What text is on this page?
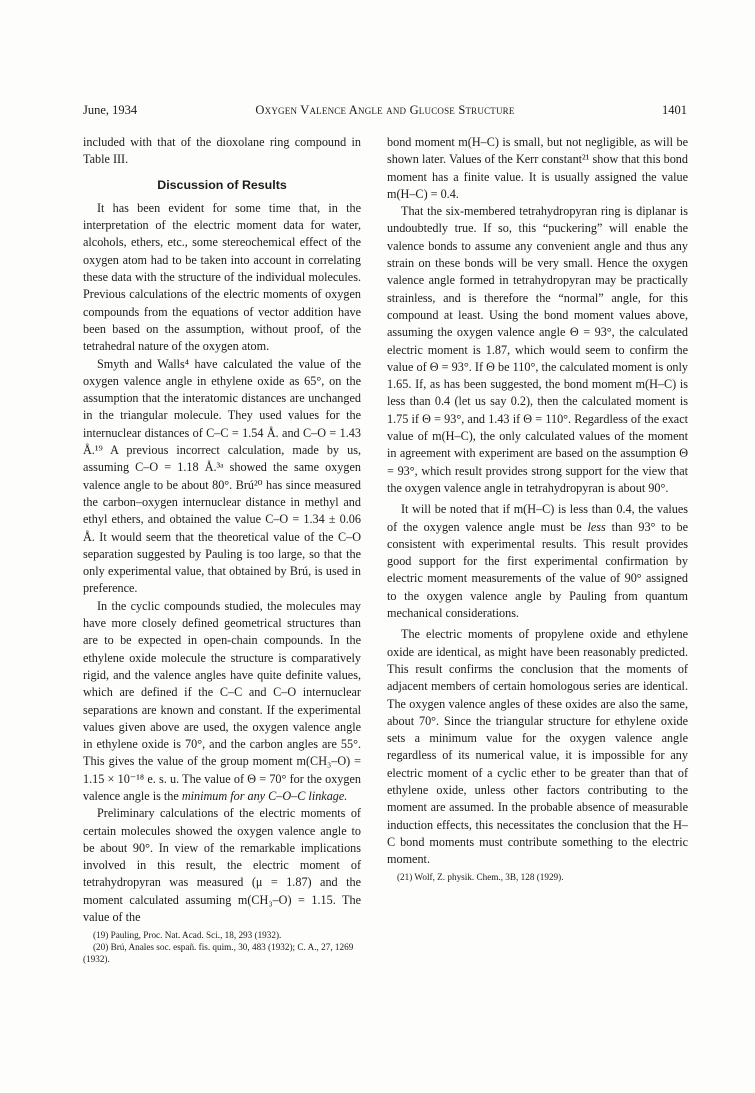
June, 1934	Oxygen Valence Angle and Glucose Structure	1401

included with that of the dioxolane ring compound in Table III.

Discussion of Results

It has been evident for some time that, in the interpretation of the electric moment data for water, alcohols, ethers, etc., some stereochemical effect of the oxygen atom had to be taken into account in correlating these data with the structure of the individual molecules. Previous calculations of the electric moments of oxygen compounds from the equations of vector addition have been based on the assumption, without proof, of the tetrahedral nature of the oxygen atom.

Smyth and Walls⁴ have calculated the value of the oxygen valence angle in ethylene oxide as 65°, on the assumption that the interatomic distances are unchanged in the triangular molecule. They used values for the internuclear distances of C–C = 1.54 Å. and C–O = 1.43 Å.¹⁹ A previous incorrect calculation, made by us, assuming C–O = 1.18 Å.³ᵃ showed the same oxygen valence angle to be about 80°. Brú²⁰ has since measured the carbon–oxygen internuclear distance in methyl and ethyl ethers, and obtained the value C–O = 1.34 ± 0.06 Å. It would seem that the theoretical value of the C–O separation suggested by Pauling is too large, so that the only experimental value, that obtained by Brú, is used in preference.

In the cyclic compounds studied, the molecules may have more closely defined geometrical structures than are to be expected in open-chain compounds. In the ethylene oxide molecule the structure is comparatively rigid, and the valence angles have quite definite values, which are defined if the C–C and C–O internuclear separations are known and constant. If the experimental values given above are used, the oxygen valence angle in ethylene oxide is 70°, and the carbon angles are 55°. This gives the value of the group moment m(CH₃–O) = 1.15 × 10⁻¹⁸ e. s. u. The value of Θ = 70° for the oxygen valence angle is the minimum for any C–O–C linkage.

Preliminary calculations of the electric moments of certain molecules showed the oxygen valence angle to be about 90°. In view of the remarkable implications involved in this result, the electric moment of tetrahydropyran was measured (μ = 1.87) and the moment calculated assuming m(CH₃–O) = 1.15. The value of the

(19) Pauling, Proc. Nat. Acad. Sci., 18, 293 (1932).
(20) Brú, Anales soc. españ. fis. quim., 30, 483 (1932); C. A., 27, 1269 (1932).

bond moment m(H–C) is small, but not negligible, as will be shown later. Values of the Kerr constant²¹ show that this bond moment has a finite value. It is usually assigned the value m(H–C) = 0.4.

That the six-membered tetrahydropyran ring is diplanar is undoubtedly true. If so, this “puckering” will enable the valence bonds to assume any convenient angle and thus any strain on these bonds will be very small. Hence the oxygen valence angle formed in tetrahydropyran may be practically strainless, and is therefore the “normal” angle, for this compound at least. Using the bond moment values above, assuming the oxygen valence angle Θ = 93°, the calculated electric moment is 1.87, which would seem to confirm the value of Θ = 93°. If Θ be 110°, the calculated moment is only 1.65. If, as has been suggested, the bond moment m(H–C) is less than 0.4 (let us say 0.2), then the calculated moment is 1.75 if Θ = 93°, and 1.43 if Θ = 110°. Regardless of the exact value of m(H–C), the only calculated values of the moment in agreement with experiment are based on the assumption Θ = 93°, which result provides strong support for the view that the oxygen valence angle in tetrahydropyran is about 90°.

It will be noted that if m(H–C) is less than 0.4, the values of the oxygen valence angle must be less than 93° to be consistent with experimental results. This result provides good support for the first experimental confirmation by electric moment measurements of the value of 90° assigned to the oxygen valence angle by Pauling from quantum mechanical considerations.

The electric moments of propylene oxide and ethylene oxide are identical, as might have been reasonably predicted. This result confirms the conclusion that the moments of adjacent members of certain homologous series are identical. The oxygen valence angles of these oxides are also the same, about 70°. Since the triangular structure for ethylene oxide sets a minimum value for the oxygen valence angle regardless of its numerical value, it is impossible for any electric moment of a cyclic ether to be greater than that of ethylene oxide, unless other factors contributing to the moment are assumed. In the probable absence of measurable induction effects, this necessitates the conclusion that the H–C bond moments must contribute something to the electric moment.

(21) Wolf, Z. physik. Chem., 3B, 128 (1929).
